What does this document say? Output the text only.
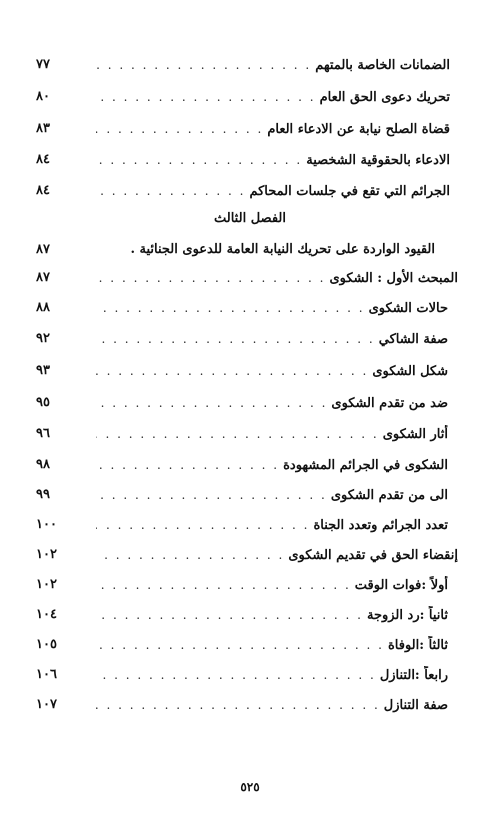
الضمانات الخاصة بالمتهم
. . .
٧٧
تحريك دعوى الحق العام
. . .
٨٠
قضاة الصلح نيابة عن الادعاء العام
. . .
٨٣
الادعاء بالحقوقية الشخصية
. . .
٨٤
الجرائم التي تقع في جلسات المحاكم
. . .
٨٤
الفصل الثالث
القيود الواردة على تحريك النيابة العامة للدعوى الجنائية .
٨٧
المبحث الأول : الشكوى
. . .
٨٧
حالات الشكوى
. . .
٨٨
صفة الشاكي
. . .
٩٢
شكل الشكوى
. . .
٩٣
ضد من تقدم الشكوى
. . .
٩٥
أثار الشكوى
. . .
٩٦
الشكوى في الجرائم المشهودة
. . .
٩٨
الى من تقدم الشكوى
. . .
٩٩
تعدد الجرائم وتعدد الجناة
. . .
١٠٠
إنقضاء الحق في تقديم الشكوى
. . .
١٠٢
أولاً :فوات الوقت
. . .
١٠٢
ثانياً :رد الزوجة
. . .
١٠٤
ثالثاً :الوفاة
. . .
١٠٥
رابعاً :التنازل
. . .
١٠٦
صفة التنازل
. . .
١٠٧
٥٢٥
